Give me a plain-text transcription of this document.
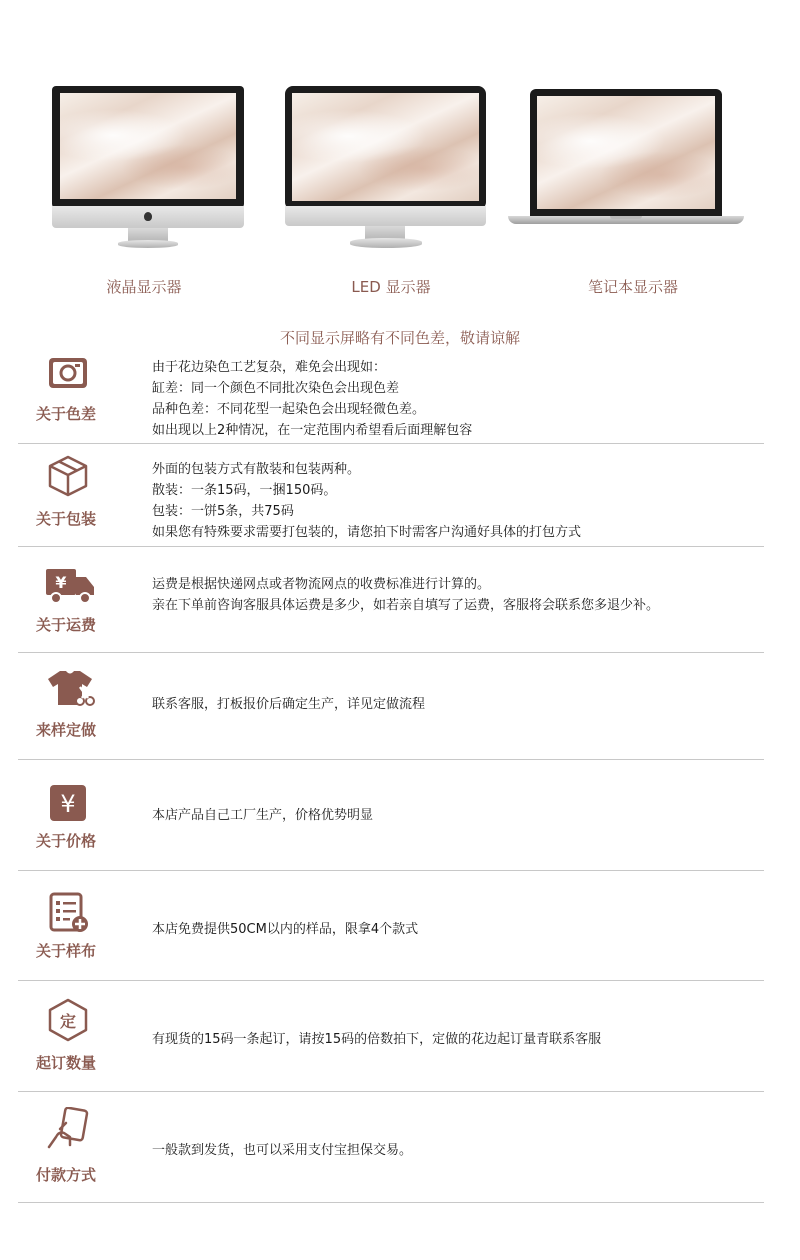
液晶显示器	LED 显示器	笔记本显示器
不同显示屏略有不同色差，敬请谅解
关于色差
由于花边染色工艺复杂，难免会出现如：
缸差：同一个颜色不同批次染色会出现色差
品种色差：不同花型一起染色会出现轻微色差。
如出现以上2种情况，在一定范围内希望看后面理解包容
关于包装
外面的包装方式有散装和包装两种。
散装：一条15码，一捆150码。
包装：一饼5条，共75码
如果您有特殊要求需要打包装的，请您拍下时需客户沟通好具体的打包方式
¥
关于运费
运费是根据快递网点或者物流网点的收费标准进行计算的。
亲在下单前咨询客服具体运费是多少，如若亲自填写了运费，客服将会联系您多退少补。
来样定做
联系客服，打板报价后确定生产，详见定做流程
¥
关于价格
本店产品自己工厂生产，价格优势明显
关于样布
本店免费提供50CM以内的样品，限拿4个款式
定
起订数量
有现货的15码一条起订，请按15码的倍数拍下，定做的花边起订量青联系客服
付款方式
一般款到发货，也可以采用支付宝担保交易。
